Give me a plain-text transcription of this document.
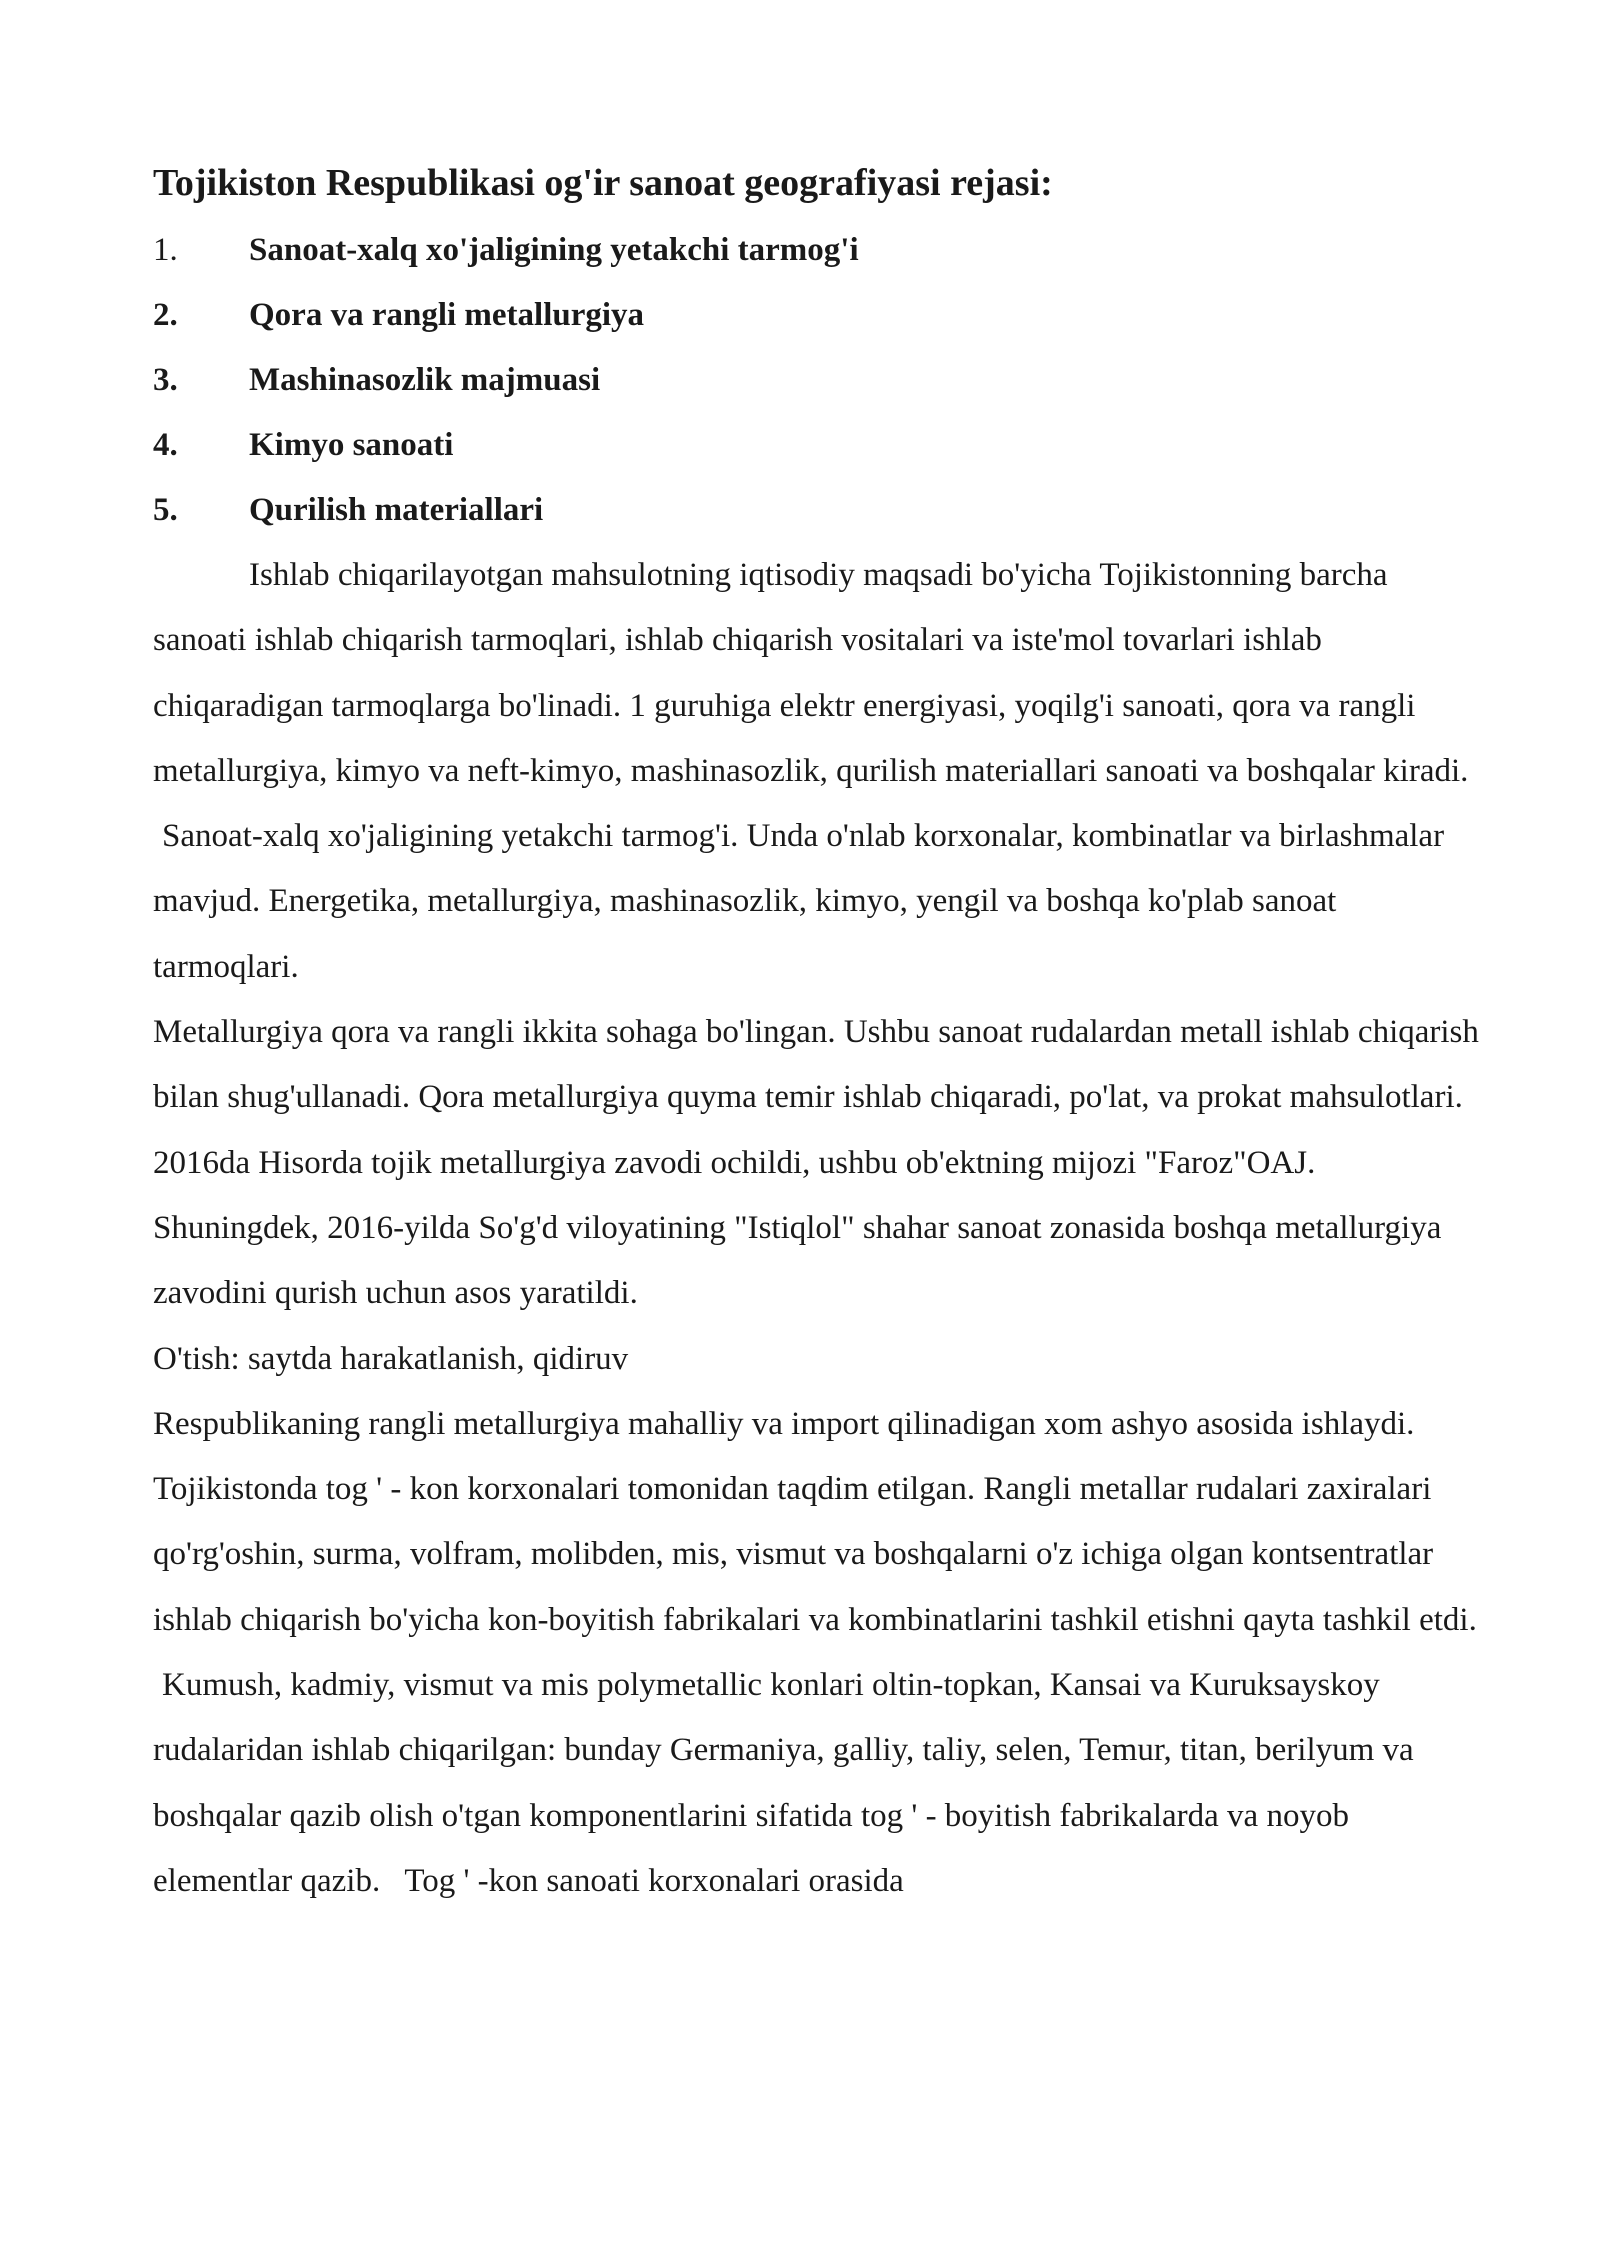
Tojikiston Respublikasi og'ir sanoat geografiyasi rejasi:
1.	Sanoat-xalq xo'jaligining yetakchi tarmog'i
2.	Qora va rangli metallurgiya
3.	Mashinasozlik majmuasi
4.	Kimyo sanoati
5.	Qurilish materiallari

Ishlab chiqarilayotgan mahsulotning iqtisodiy maqsadi bo'yicha Tojikistonning barcha sanoati ishlab chiqarish tarmoqlari, ishlab chiqarish vositalari va iste'mol tovarlari ishlab chiqaradigan tarmoqlarga bo'linadi. 1 guruhiga elektr energiyasi, yoqilg'i sanoati, qora va rangli metallurgiya, kimyo va neft-kimyo, mashinasozlik, qurilish materiallari sanoati va boshqalar kiradi.

Sanoat-xalq xo'jaligining yetakchi tarmog'i. Unda o'nlab korxonalar, kombinatlar va birlashmalar mavjud. Energetika, metallurgiya, mashinasozlik, kimyo, yengil va boshqa ko'plab sanoat tarmoqlari.

Metallurgiya qora va rangli ikkita sohaga bo'lingan. Ushbu sanoat rudalardan metall ishlab chiqarish bilan shug'ullanadi. Qora metallurgiya quyma temir ishlab chiqaradi, po'lat, va prokat mahsulotlari.

2016da Hisorda tojik metallurgiya zavodi ochildi, ushbu ob'ektning mijozi "Faroz"OAJ. Shuningdek, 2016-yilda So'g'd viloyatining "Istiqlol" shahar sanoat zonasida boshqa metallurgiya zavodini qurish uchun asos yaratildi.

O'tish: saytda harakatlanish, qidiruv

Respublikaning rangli metallurgiya mahalliy va import qilinadigan xom ashyo asosida ishlaydi. Tojikistonda tog ' - kon korxonalari tomonidan taqdim etilgan. Rangli metallar rudalari zaxiralari qo'rg'oshin, surma, volfram, molibden, mis, vismut va boshqalarni o'z ichiga olgan kontsentratlar ishlab chiqarish bo'yicha kon-boyitish fabrikalari va kombinatlarini tashkil etishni qayta tashkil etdi.

Kumush, kadmiy, vismut va mis polymetallic konlari oltin-topkan, Kansai va Kuruksayskoy rudalaridan ishlab chiqarilgan: bunday Germaniya, galliy, taliy, selen, Temur, titan, berilyum va boshqalar qazib olish o'tgan komponentlarini sifatida tog ' - boyitish fabrikalarda va noyob elementlar qazib.   Tog ' -kon sanoati korxonalari orasida
